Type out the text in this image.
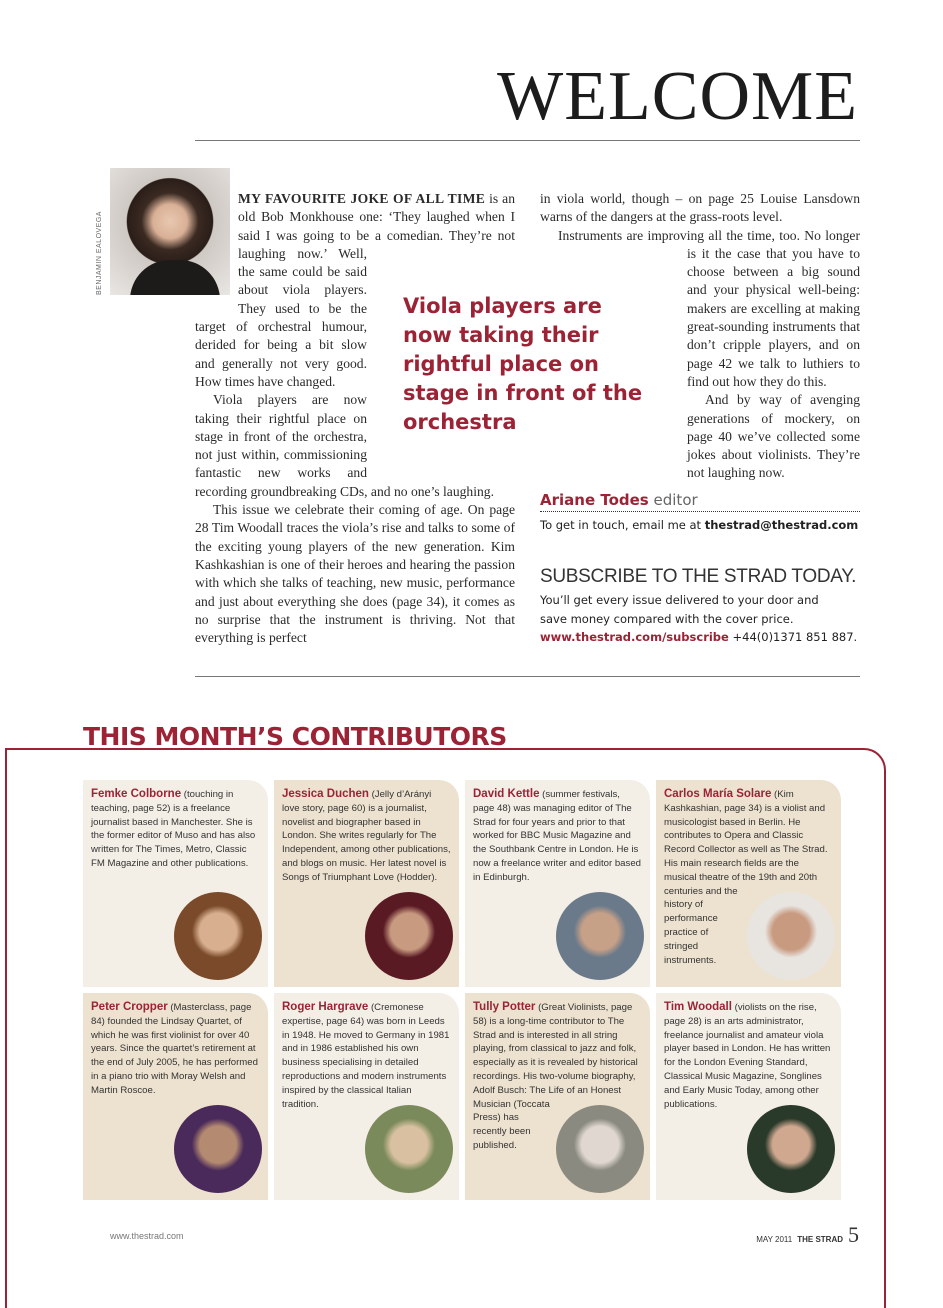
WELCOME
BENJAMIN EALOVEGA

MY FAVOURITE JOKE OF ALL TIME is an old Bob Monkhouse one: ‘They laughed when I said I was going to be a comedian. They’re not laughing now.’ Well, the same could be said about viola players. They used to be the target of orchestral humour, derided for being a bit slow and generally not very good. How times have changed.

Viola players are now taking their rightful place on stage in front of the orchestra, not just within, commissioning fantastic new works and recording groundbreaking CDs, and no one’s laughing.

This issue we celebrate their coming of age. On page 28 Tim Woodall traces the viola’s rise and talks to some of the exciting young players of the new generation. Kim Kashkashian is one of their heroes and hearing the passion with which she talks of teaching, new music, performance and just about everything she does (page 34), it comes as no surprise that the instrument is thriving. Not that everything is perfect

in viola world, though – on page 25 Louise Lansdown warns of the dangers at the grass-roots level.

Instruments are improving all the time, too. No longer is it the case that you have to choose between a big sound and your physical well-being: makers are excelling at making great-sounding instruments that don’t cripple players, and on page 42 we talk to luthiers to find out how they do this.

And by way of avenging generations of mockery, on page 40 we’ve collected some jokes about violinists. They’re not laughing now.

Viola players are now taking their rightful place on stage in front of the orchestra
Ariane Todes editor
To get in touch, email me at thestrad@thestrad.com
SUBSCRIBE TO THE STRAD TODAY.
You’ll get every issue delivered to your door and
save money compared with the cover price.
www.thestrad.com/subscribe +44(0)1371 851 887.
THIS MONTH’S CONTRIBUTORS
Femke Colborne (touching in teaching, page 52) is a freelance journalist based in Manchester. She is the former editor of Muso and has also written for The Times, Metro, Classic FM Magazine and other publications.
Jessica Duchen (Jelly d’Arányi love story, page 60) is a journalist, novelist and biographer based in London. She writes regularly for The Independent, among other publications, and blogs on music. Her latest novel is Songs of Triumphant Love (Hodder).
David Kettle (summer festivals, page 48) was managing editor of The Strad for four years and prior to that worked for BBC Music Magazine and the Southbank Centre in London. He is now a freelance writer and editor based in Edinburgh.
Carlos María Solare (Kim Kashkashian, page 34) is a violist and musicologist based in Berlin. He contributes to Opera and Classic Record Collector as well as The Strad. His main research fields are the musical theatre of the 19th and 20th centuries and the history of performance practice of stringed instruments.
Peter Cropper (Masterclass, page 84) founded the Lindsay Quartet, of which he was first violinist for over 40 years. Since the quartet’s retirement at the end of July 2005, he has performed in a piano trio with Moray Welsh and Martin Roscoe.
Roger Hargrave (Cremonese expertise, page 64) was born in Leeds in 1948. He moved to Germany in 1981 and in 1986 established his own business specialising in detailed reproductions and modern instruments inspired by the classical Italian tradition.
Tully Potter (Great Violinists, page 58) is a long-time contributor to The Strad and is interested in all string playing, from classical to jazz and folk, especially as it is revealed by historical recordings. His two-volume biography, Adolf Busch: The Life of an Honest Musician (Toccata Press) has recently been published.
Tim Woodall (violists on the rise, page 28) is an arts administrator, freelance journalist and amateur viola player based in London. He has written for the London Evening Standard, Classical Music Magazine, Songlines and Early Music Today, among other publications.
www.thestrad.com	MAY 2011 THE STRAD 5
